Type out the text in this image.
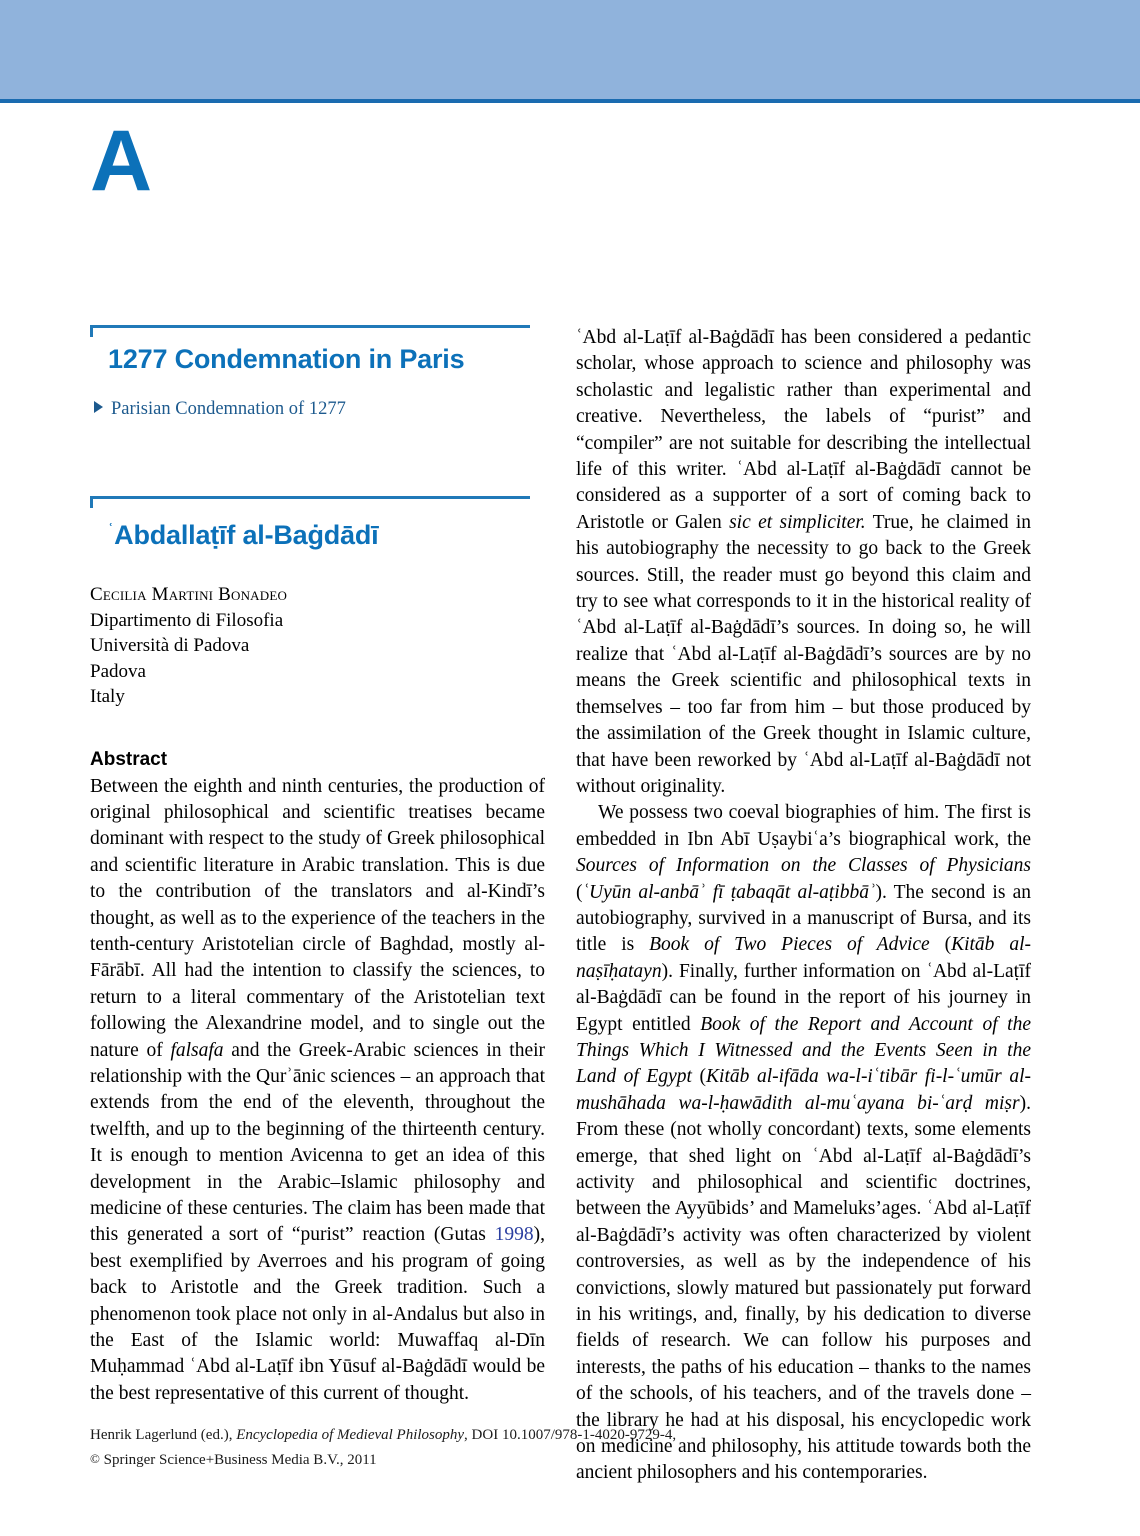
A
1277 Condemnation in Paris
Parisian Condemnation of 1277
$^ʿ$Abdallaṭīf al-Baġdādī
Cecilia Martini Bonadeo
Dipartimento di Filosofia
Università di Padova
Padova
Italy
Abstract
Between the eighth and ninth centuries, the production of original philosophical and scientific treatises became dominant with respect to the study of Greek philosophical and scientific literature in Arabic translation. This is due to the contribution of the translators and al-Kindī’s thought, as well as to the experience of the teachers in the tenth-century Aristotelian circle of Baghdad, mostly al-Fārābī. All had the intention to classify the sciences, to return to a literal commentary of the Aristotelian text following the Alexandrine model, and to single out the nature of falsafa and the Greek-Arabic sciences in their relationship with the Qurʾānic sciences – an approach that extends from the end of the eleventh, throughout the twelfth, and up to the beginning of the thirteenth century. It is enough to mention Avicenna to get an idea of this development in the Arabic–Islamic philosophy and medicine of these centuries. The claim has been made that this generated a sort of “purist” reaction (Gutas 1998), best exemplified by Averroes and his program of going back to Aristotle and the Greek tradition. Such a phenomenon took place not only in al-Andalus but also in the East of the Islamic world: Muwaffaq al-Dīn Muḥammad ʿAbd al-Laṭīf ibn Yūsuf al-Baġdādī would be the best representative of this current of thought.

ʿAbd al-Laṭīf al-Baġdādī has been considered a pedantic scholar, whose approach to science and philosophy was scholastic and legalistic rather than experimental and creative. Nevertheless, the labels of “purist” and “compiler” are not suitable for describing the intellectual life of this writer. ʿAbd al-Laṭīf al-Baġdādī cannot be considered as a supporter of a sort of coming back to Aristotle or Galen sic et simpliciter. True, he claimed in his autobiography the necessity to go back to the Greek sources. Still, the reader must go beyond this claim and try to see what corresponds to it in the historical reality of ʿAbd al-Laṭīf al-Baġdādī’s sources. In doing so, he will realize that ʿAbd al-Laṭīf al-Baġdādī’s sources are by no means the Greek scientific and philosophical texts in themselves – too far from him – but those produced by the assimilation of the Greek thought in Islamic culture, that have been reworked by ʿAbd al-Laṭīf al-Baġdādī not without originality.

We possess two coeval biographies of him. The first is embedded in Ibn Abī Uṣaybiʿa’s biographical work, the Sources of Information on the Classes of Physicians (ʿUyūn al-anbāʾ fī ṭabaqāt al-aṭibbāʾ). The second is an autobiography, survived in a manuscript of Bursa, and its title is Book of Two Pieces of Advice (Kitāb al-naṣīḥatayn). Finally, further information on ʿAbd al-Laṭīf al-Baġdādī can be found in the report of his journey in Egypt entitled Book of the Report and Account of the Things Which I Witnessed and the Events Seen in the Land of Egypt (Kitāb al-ifāda wa-l-iʿtibār fi-l-ʿumūr al-mushāhada wa-l-ḥawādith al-muʿayana bi-ʿarḍ miṣr). From these (not wholly concordant) texts, some elements emerge, that shed light on ʿAbd al-Laṭīf al-Baġdādī’s activity and philosophical and scientific doctrines, between the Ayyūbids’ and Mameluks’ages. ʿAbd al-Laṭīf al-Baġdādī’s activity was often characterized by violent controversies, as well as by the independence of his convictions, slowly matured but passionately put forward in his writings, and, finally, by his dedication to diverse fields of research. We can follow his purposes and interests, the paths of his education – thanks to the names of the schools, of his teachers, and of the travels done – the library he had at his disposal, his encyclopedic work on medicine and philosophy, his attitude towards both the ancient philosophers and his contemporaries.

Henrik Lagerlund (ed.), Encyclopedia of Medieval Philosophy, DOI 10.1007/978-1-4020-9729-4,
© Springer Science+Business Media B.V., 2011
